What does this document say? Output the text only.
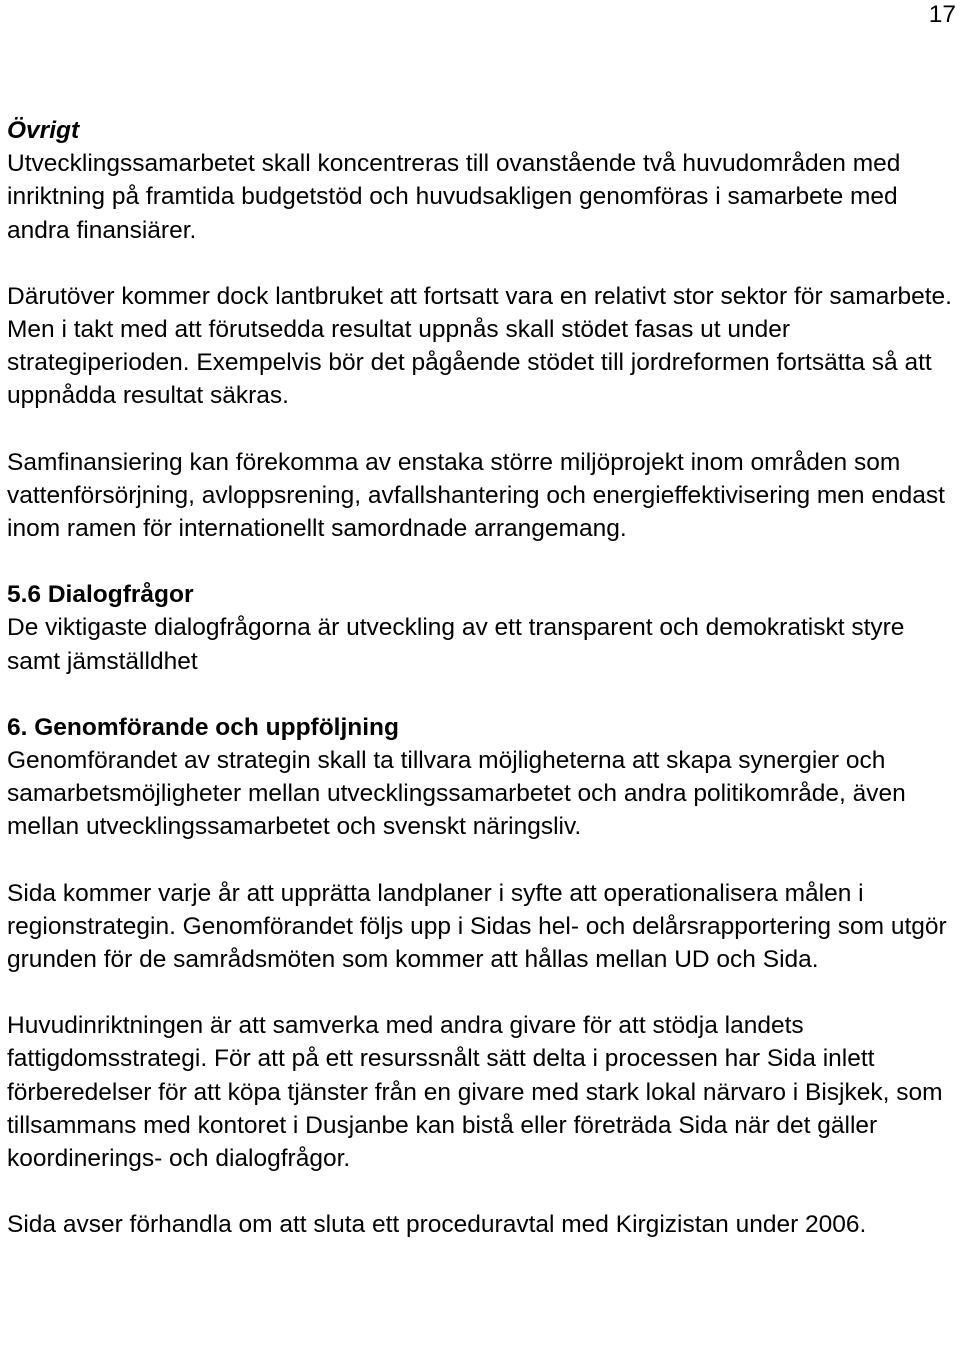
17

Övrigt

Utvecklingssamarbetet skall koncentreras till ovanstående två huvudområden med inriktning på framtida budgetstöd och huvudsakligen genomföras i samarbete med andra finansiärer.

Därutöver kommer dock lantbruket att fortsatt vara en relativt stor sektor för samarbete. Men i takt med att förutsedda resultat uppnås skall stödet fasas ut under strategiperioden. Exempelvis bör det pågående stödet till jordreformen fortsätta så att uppnådda resultat säkras.

Samfinansiering kan förekomma av enstaka större miljöprojekt inom områden som vattenförsörjning, avloppsrening, avfallshantering och energieffektivisering men endast inom ramen för internationellt samordnade arrangemang.

5.6 Dialogfrågor

De viktigaste dialogfrågorna är utveckling av ett transparent och demokratiskt styre samt jämställdhet

6. Genomförande och uppföljning

Genomförandet av strategin skall ta tillvara möjligheterna att skapa synergier och samarbetsmöjligheter mellan utvecklingssamarbetet och andra politikområde, även mellan utvecklingssamarbetet och svenskt näringsliv.

Sida kommer varje år att upprätta landplaner i syfte att operationalisera målen i regionstrategin. Genomförandet följs upp i Sidas hel- och delårsrapportering som utgör grunden för de samrådsmöten som kommer att hållas mellan UD och Sida.

Huvudinriktningen är att samverka med andra givare för att stödja landets fattigdomsstrategi. För att på ett resurssnålt sätt delta i processen har Sida inlett förberedelser för att köpa tjänster från en givare med stark lokal närvaro i Bisjkek, som tillsammans med kontoret i Dusjanbe kan bistå eller företräda Sida när det gäller koordinerings- och dialogfrågor.

Sida avser förhandla om att sluta ett proceduravtal med Kirgizistan under 2006.
